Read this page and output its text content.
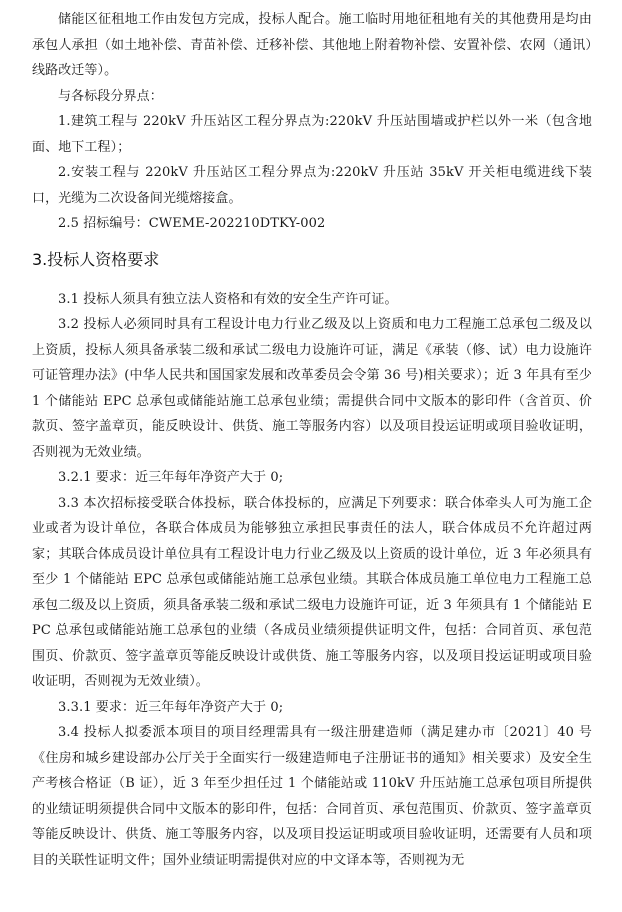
储能区征租地工作由发包方完成，投标人配合。施工临时用地征租地有关的其他费用是均由承包人承担（如土地补偿、青苗补偿、迁移补偿、其他地上附着物补偿、安置补偿、农网（通讯）线路改迁等）。

与各标段分界点：

1.建筑工程与 220kV 升压站区工程分界点为:220kV 升压站围墙或护栏以外一米（包含地面、地下工程）；

2.安装工程与 220kV 升压站区工程分界点为:220kV 升压站 35kV 开关柜电缆进线下装口，光缆为二次设备间光缆熔接盒。

2.5 招标编号：CWEME-202210DTKY-002

3.投标人资格要求

3.1 投标人须具有独立法人资格和有效的安全生产许可证。

3.2 投标人必须同时具有工程设计电力行业乙级及以上资质和电力工程施工总承包二级及以上资质，投标人须具备承装二级和承试二级电力设施许可证，满足《承装（修、试）电力设施许可证管理办法》(中华人民共和国国家发展和改革委员会令第 36 号)相关要求）；近 3 年具有至少 1 个储能站 EPC 总承包或储能站施工总承包业绩；需提供合同中文版本的影印件（含首页、价款页、签字盖章页，能反映设计、供货、施工等服务内容）以及项目投运证明或项目验收证明，否则视为无效业绩。

3.2.1 要求：近三年每年净资产大于 0;

3.3 本次招标接受联合体投标，联合体投标的，应满足下列要求：联合体牵头人可为施工企业或者为设计单位，各联合体成员为能够独立承担民事责任的法人，联合体成员不允许超过两家；其联合体成员设计单位具有工程设计电力行业乙级及以上资质的设计单位，近 3 年必须具有至少 1 个储能站 EPC 总承包或储能站施工总承包业绩。其联合体成员施工单位电力工程施工总承包二级及以上资质，须具备承装二级和承试二级电力设施许可证，近 3 年须具有 1 个储能站 EPC 总承包或储能站施工总承包的业绩（各成员业绩须提供证明文件，包括：合同首页、承包范围页、价款页、签字盖章页等能反映设计或供货、施工等服务内容，以及项目投运证明或项目验收证明，否则视为无效业绩）。

3.3.1 要求：近三年每年净资产大于 0;

3.4 投标人拟委派本项目的项目经理需具有一级注册建造师（满足建办市〔2021〕40 号《住房和城乡建设部办公厅关于全面实行一级建造师电子注册证书的通知》相关要求）及安全生产考核合格证（B 证），近 3 年至少担任过 1 个储能站或 110kV 升压站施工总承包项目所提供的业绩证明须提供合同中文版本的影印件，包括：合同首页、承包范围页、价款页、签字盖章页等能反映设计、供货、施工等服务内容，以及项目投运证明或项目验收证明，还需要有人员和项目的关联性证明文件；国外业绩证明需提供对应的中文译本等，否则视为无
